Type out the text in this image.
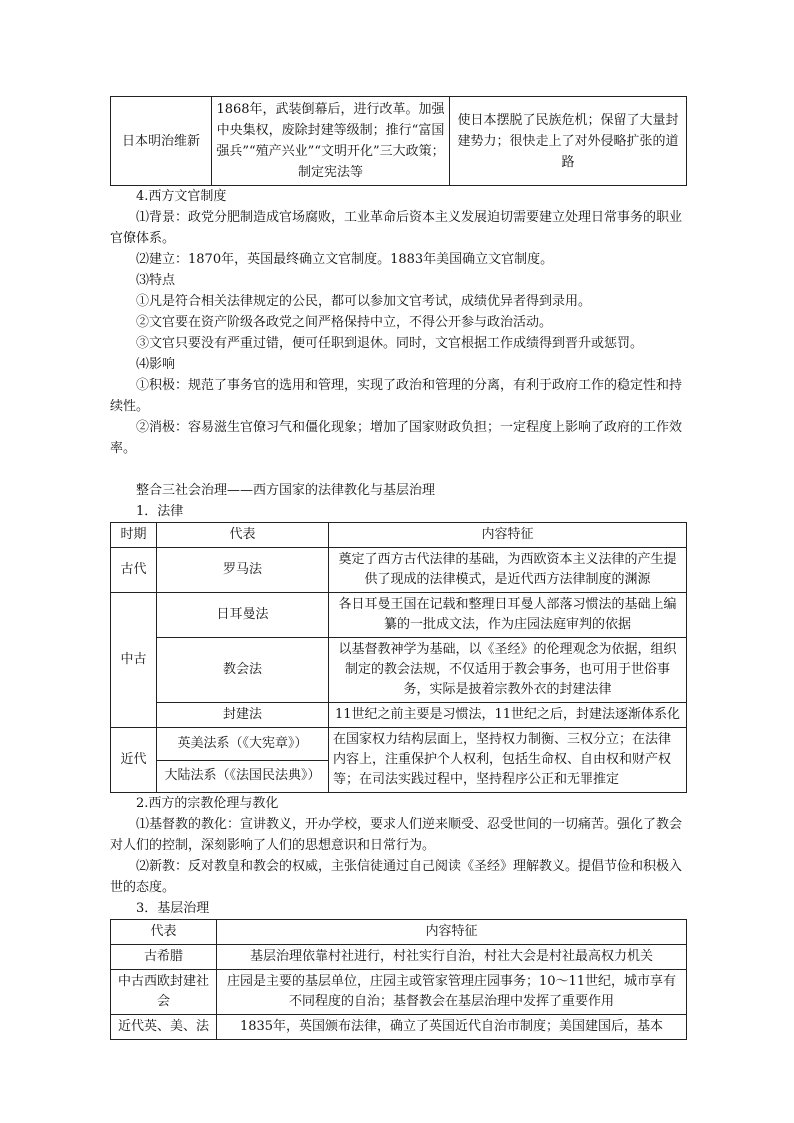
日本明治维新	1868年，武装倒幕后，进行改革。加强中央集权，废除封建等级制；推行“富国强兵”“殖产兴业”“文明开化”三大政策；制定宪法等	使日本摆脱了民族危机；保留了大量封建势力；很快走上了对外侵略扩张的道路
4.西方文官制度

⑴背景：政党分肥制造成官场腐败，工业革命后资本主义发展迫切需要建立处理日常事务的职业官僚体系。

⑵建立：1870年，英国最终确立文官制度。1883年美国确立文官制度。

⑶特点

①凡是符合相关法律规定的公民，都可以参加文官考试，成绩优异者得到录用。

②文官要在资产阶级各政党之间严格保持中立，不得公开参与政治活动。

③文官只要没有严重过错，便可任职到退休。同时，文官根据工作成绩得到晋升或惩罚。

⑷影响

①积极：规范了事务官的选用和管理，实现了政治和管理的分离，有利于政府工作的稳定性和持续性。

②消极：容易滋生官僚习气和僵化现象；增加了国家财政负担；一定程度上影响了政府的工作效率。

整合三社会治理——西方国家的法律教化与基层治理

1．法律

时期	代表	内容特征
古代	罗马法	奠定了西方古代法律的基础，为西欧资本主义法律的产生提供了现成的法律模式，是近代西方法律制度的渊源
中古	日耳曼法	各日耳曼王国在记载和整理日耳曼人部落习惯法的基础上编纂的一批成文法，作为庄园法庭审判的依据
	教会法	以基督教神学为基础，以《圣经》的伦理观念为依据，组织制定的教会法规，不仅适用于教会事务，也可用于世俗事务，实际是披着宗教外衣的封建法律
	封建法	11世纪之前主要是习惯法，11世纪之后，封建法逐渐体系化
近代	英美法系（《大宪章》）	在国家权力结构层面上，坚持权力制衡、三权分立；在法律内容上，注重保护个人权利，包括生命权、自由权和财产权等；在司法实践过程中，坚持程序公正和无罪推定
	大陆法系（《法国民法典》）	

2.西方的宗教伦理与教化

⑴基督教的教化：宣讲教义，开办学校，要求人们逆来顺受、忍受世间的一切痛苦。强化了教会对人们的控制，深刻影响了人们的思想意识和日常行为。

⑵新教：反对教皇和教会的权威，主张信徒通过自己阅读《圣经》理解教义。提倡节俭和积极入世的态度。

3．基层治理

代表	内容特征
古希腊	基层治理依靠村社进行，村社实行自治，村社大会是村社最高权力机关
中古西欧封建社会	庄园是主要的基层单位，庄园主或管家管理庄园事务；10～11世纪，城市享有不同程度的自治；基督教会在基层治理中发挥了重要作用
近代英、美、法	1835年，英国颁布法律，确立了英国近代自治市制度；美国建国后，基本
